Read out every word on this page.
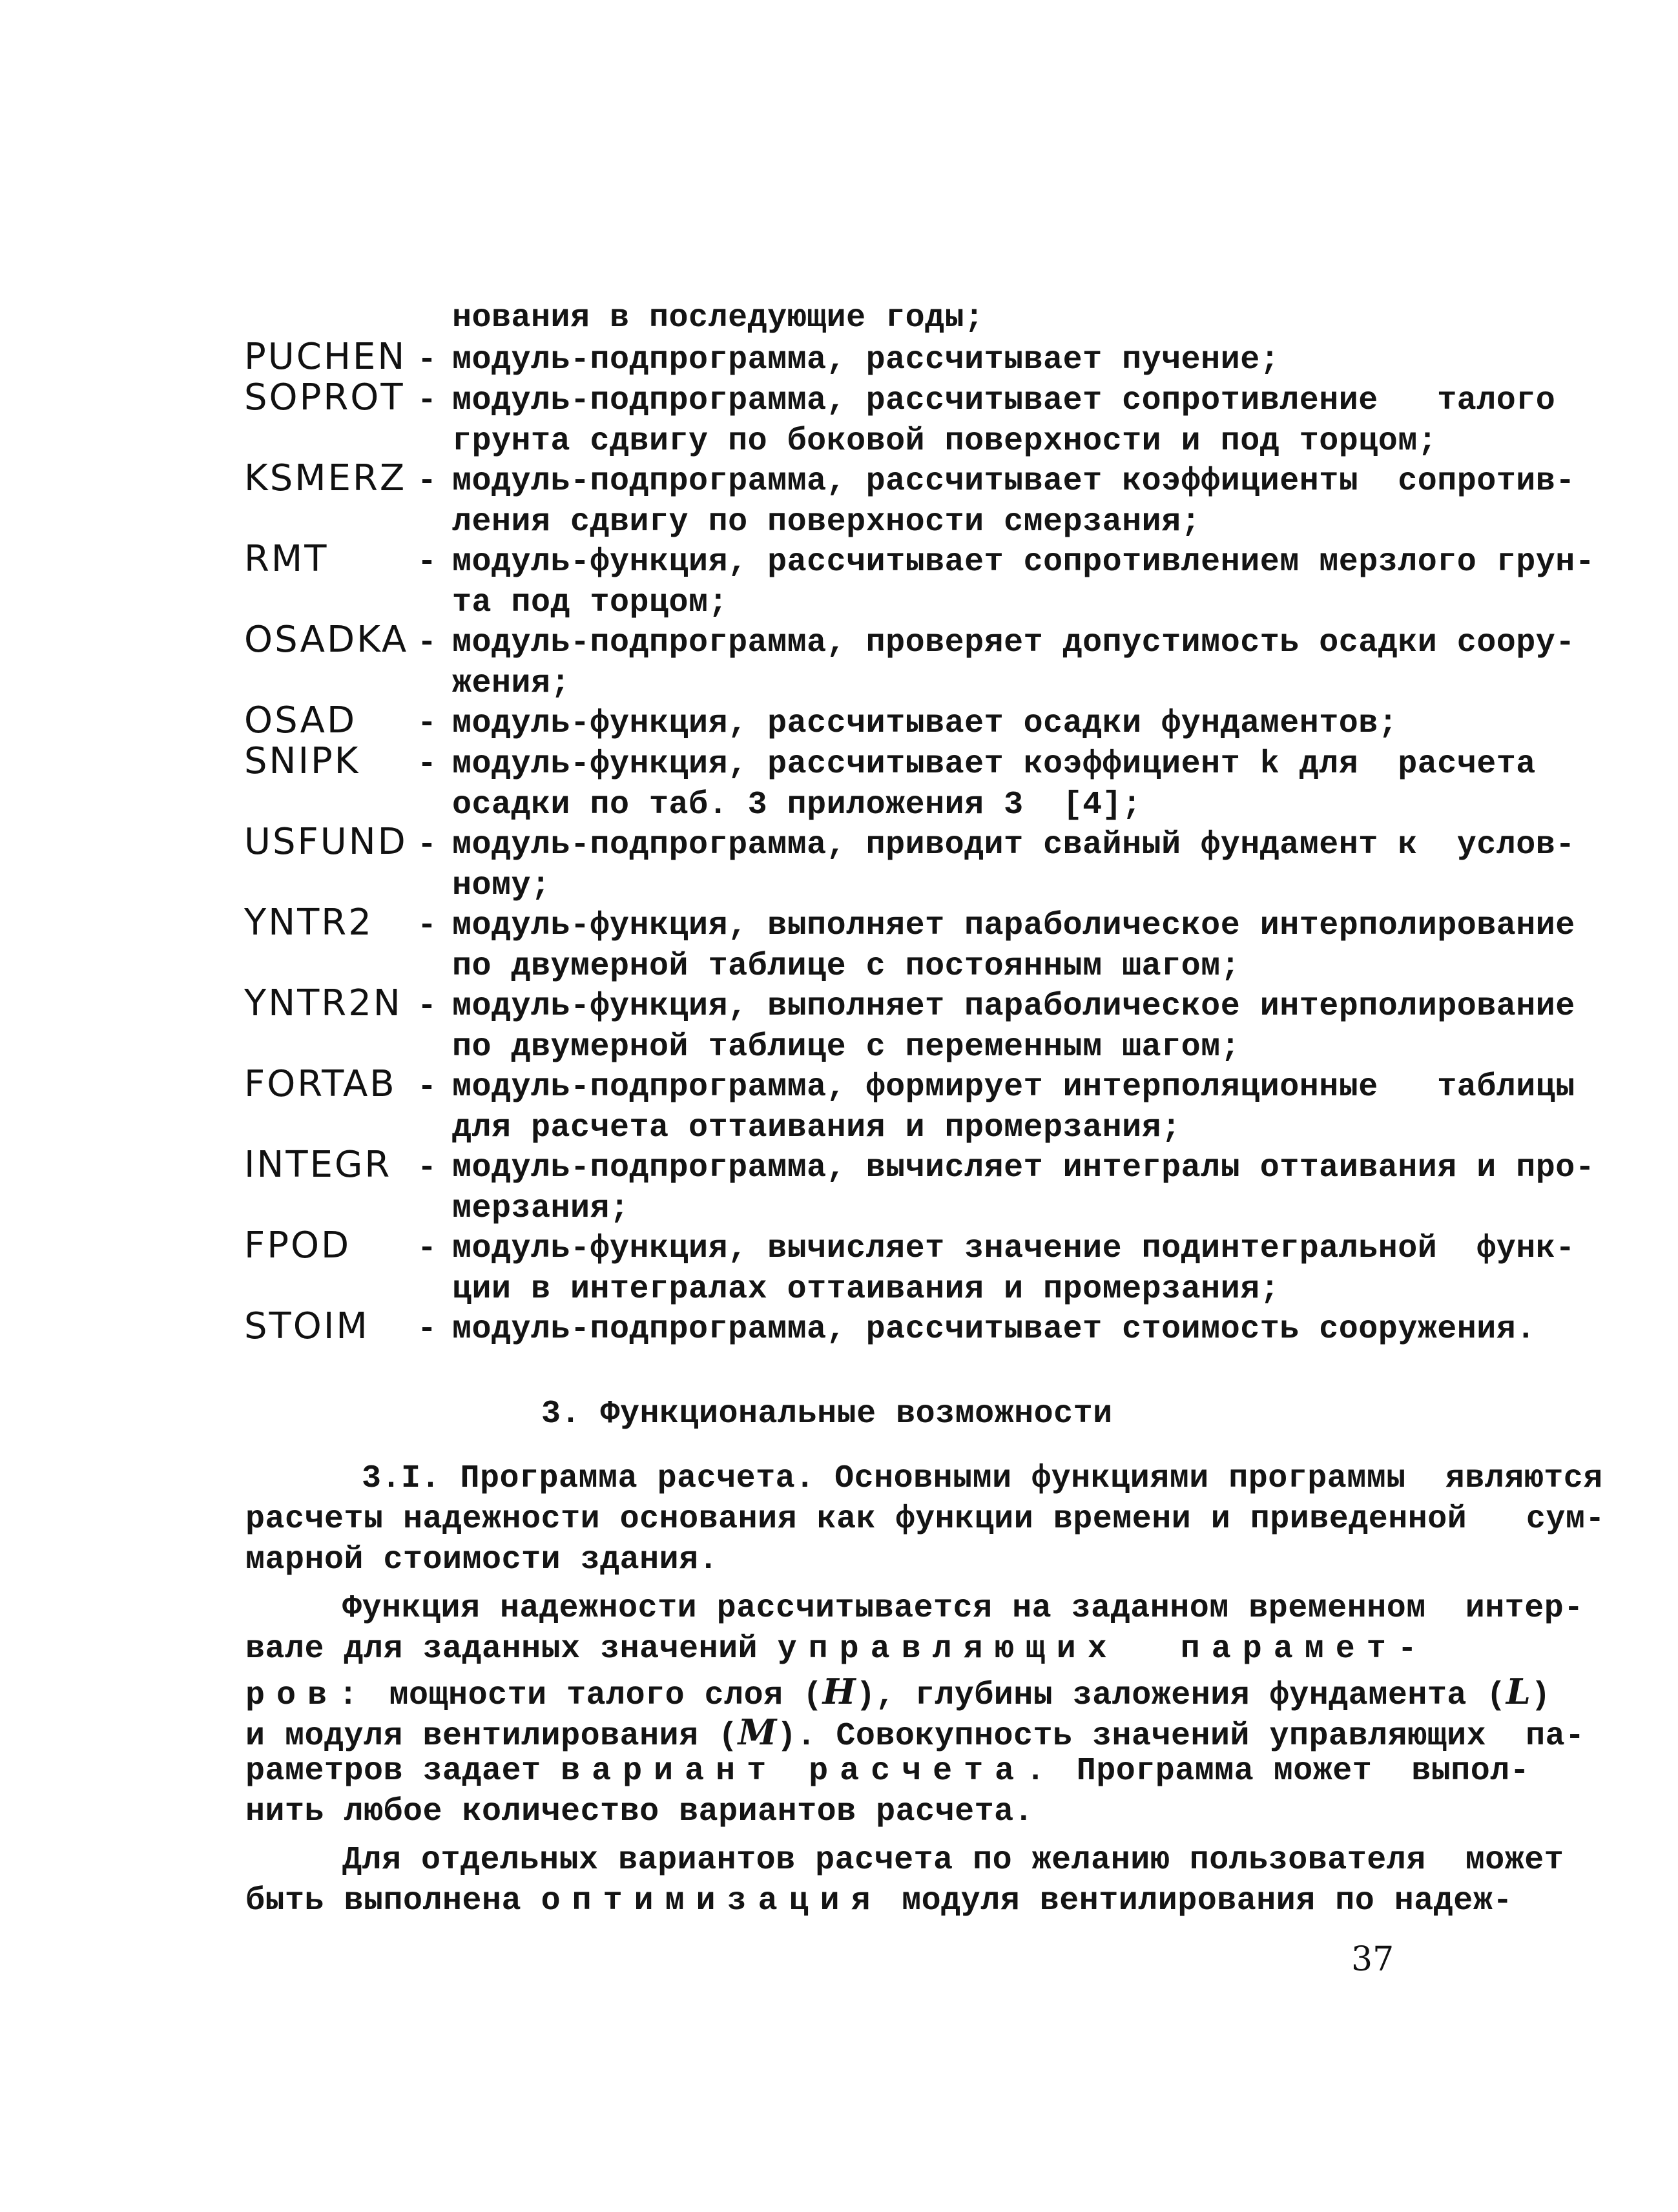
нования в последующие годы;
PUCHEN - модуль-подпрограмма, рассчитывает пучение;
SOPROT - модуль-подпрограмма, рассчитывает сопротивление   талого
грунта сдвигу по боковой поверхности и под торцом;
KSMERZ - модуль-подпрограмма, рассчитывает коэффициенты  сопротив-
ления сдвигу по поверхности смерзания;
RMT	- модуль-функция, рассчитывает сопротивлением мерзлого грун-
та под торцом;
OSADKA - модуль-подпрограмма, проверяет допустимость осадки соору-
жения;
OSAD - модуль-функция, рассчитывает осадки фундаментов;
SNIPK - модуль-функция, рассчитывает коэффициент k для  расчета
осадки по таб. 3 приложения 3  [4];
USFUND - модуль-подпрограмма, приводит свайный фундамент к  услов-
ному;
YNTR2 - модуль-функция, выполняет параболическое интерполирование
по двумерной таблице с постоянным шагом;
YNTR2N - модуль-функция, выполняет параболическое интерполирование
по двумерной таблице с переменным шагом;
FORTAB - модуль-подпрограмма, формирует интерполяционные   таблицы
для расчета оттаивания и промерзания;
INTEGR - модуль-подпрограмма, вычисляет интегралы оттаивания и про-
мерзания;
FPOD - модуль-функция, вычисляет значение подинтегральной  функ-
ции в интегралах оттаивания и промерзания;
STOIM - модуль-подпрограмма, рассчитывает стоимость сооружения.
3. Функциональные возможности
3.I. Программа расчета. Основными функциями программы  являются
расчеты надежности основания как функции времени и приведенной   сум-
марной стоимости здания.
Функция надежности рассчитывается на заданном временном  интер-
вале для заданных значений управляющих  парамет-
ров: мощности талого слоя (H), глубины заложения фундамента (L)
и модуля вентилирования (M). Совокупность значений управляющих  па-
раметров задает вариант расчета. Программа может  выпол-
нить любое количество вариантов расчета.
Для отдельных вариантов расчета по желанию пользователя  может
быть выполнена оптимизация модуля вентилирования по надеж-
37
